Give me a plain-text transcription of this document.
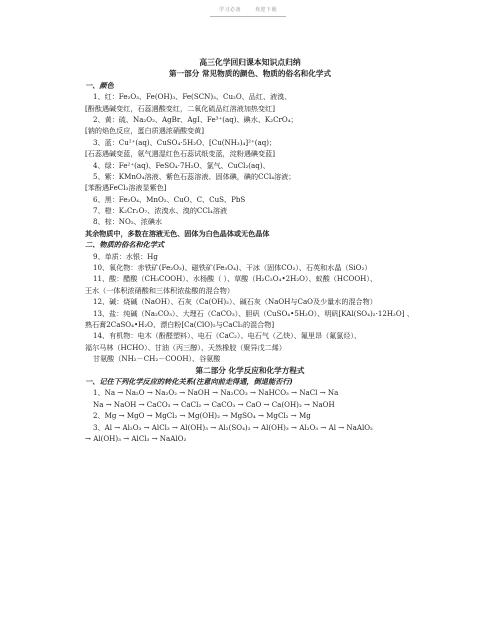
学习必备	欢迎下载
高三化学回归课本知识点归纳
第一部分 常见物质的颜色、物质的俗名和化学式
一、颜色
1、红：Fe₂O₃、Fe(OH)₃、Fe(SCN)₃、Cu₂O、品红、液溴、
[酚酞遇碱变红，石蕊遇酸变红，二氧化硫品红溶液加热变红]
2、黄：硫、Na₂O₂、AgBr、AgI、Fe³⁺(aq)、碘水、K₂CrO₄；
[钠的焰色反应，蛋白质遇浓硝酸变黄]
3、蓝：Cu²⁺(aq)、CuSO₄·5H₂O、[Cu(NH₃)₄]²⁺(aq)；
[石蕊遇碱变蓝，氨气遇湿红色石蕊试纸变蓝，淀粉遇碘变蓝]
4、绿：Fe²⁺(aq)、FeSO₄·7H₂O、氯气、CuCl₂(aq)、
5、紫：KMnO₄溶液、紫色石蕊溶液、固体碘，碘的CCl₄溶液；
[苯酚遇FeCl₃溶液显紫色]
6、黑：Fe₃O₄、MnO₂、CuO、C、CuS、PbS
7、橙：K₂Cr₂O₇、浓溴水、溴的CCl₄溶液
8、棕：NO₂、浓碘水
其余物质中，多数在溶液无色、固体为白色晶体或无色晶体
二、物质的俗名和化学式
9、单质：水银：Hg
10、氧化物：赤铁矿(Fe₂O₃)、磁铁矿(Fe₃O₄)、干冰（固体CO₂）、石英和水晶（SiO₂）
11、酸：醋酸（CH₃COOH）、水杨酸（ ）、草酸（H₂C₂O₄•2H₂O）、蚁酸（HCOOH）、
王水（一体积浓硝酸和三体积浓盐酸的混合物）
12、碱：烧碱（NaOH）、石灰（Ca(OH)₂）、碱石灰（NaOH与CaO及少量水的混合物）
13、盐：纯碱（Na₂CO₃）、大理石（CaCO₃）、胆矾（CuSO₄•5H₂O）、明矾[KAl(SO₄)₂·12H₂O] 、
熟石膏2CaSO₄•H₂O、漂白粉[Ca(ClO)₂与CaCl₂的混合物]
14、有机物：电木（酚醛塑料）、电石（CaC₂）、电石气（乙炔）、氟里昂（氟氯烃）、
福尔马林（HCHO）、甘油（丙三醇）、天然橡胶（聚异戊二烯）
甘氨酸（NH₂－CH₂－COOH）、谷氨酸
第二部分 化学反应和化学方程式
一、记住下列化学反应的转化关系(注意向前走得通，倒退能否行)
1、Na → Na₂O → Na₂O₂ → NaOH → Na₂CO₃ → NaHCO₃ → NaCl → Na
Na → NaOH → CaCO₃ → CaCl₂ → CaCO₃ → CaO → Ca(OH)₂ → NaOH
2、Mg → MgO → MgCl₂ → Mg(OH)₂ → MgSO₄ → MgCl₂ → Mg
3、Al → Al₂O₃ → AlCl₃ → Al(OH)₃ → Al₂(SO₄)₃ → Al(OH)₃ → Al₂O₃ → Al → NaAlO₂
→ Al(OH)₃ → AlCl₃ → NaAlO₂
